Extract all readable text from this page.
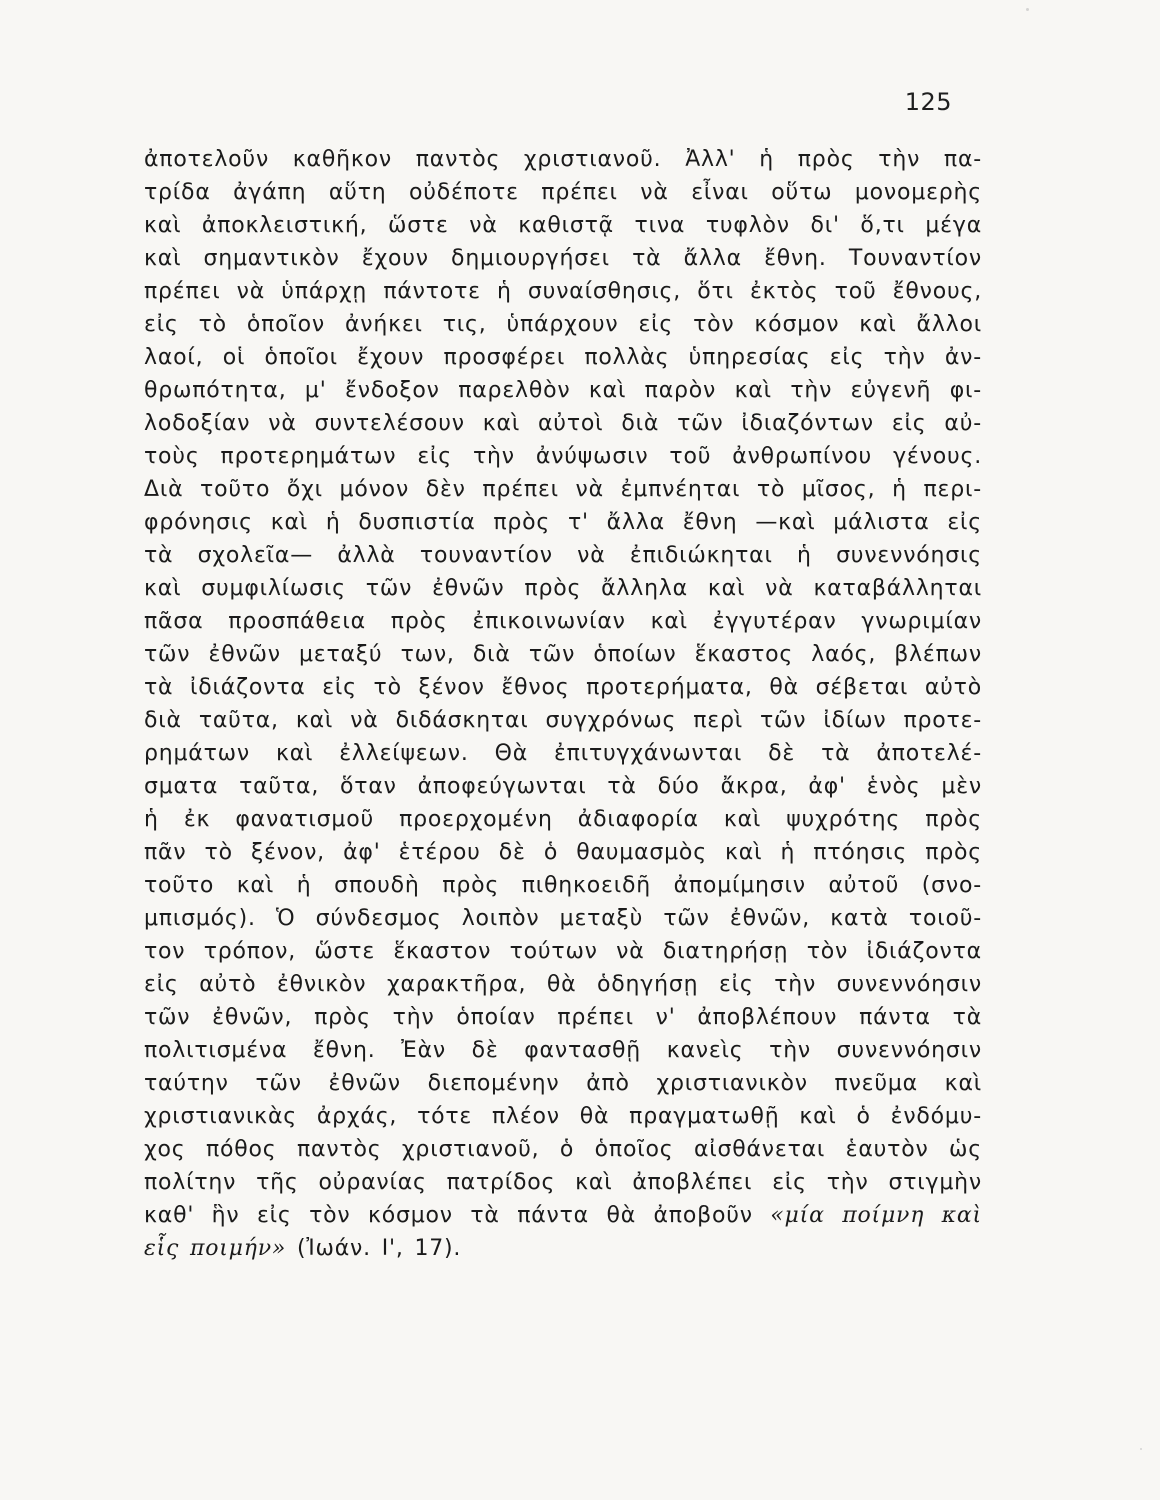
125
ἀποτελοῦν καθῆκον παντὸς χριστιανοῦ. Ἀλλ' ἡ πρὸς τὴν πα-
τρίδα ἀγάπη αὕτη οὐδέποτε πρέπει νὰ εἶναι οὕτω μονομερὴς
καὶ ἀποκλειστική, ὥστε νὰ καθιστᾷ τινα τυφλὸν δι' ὅ,τι μέγα
καὶ σημαντικὸν ἔχουν δημιουργήσει τὰ ἄλλα ἔθνη. Τουναντίον
πρέπει νὰ ὑπάρχῃ πάντοτε ἡ συναίσθησις, ὅτι ἐκτὸς τοῦ ἔθνους,
εἰς τὸ ὁποῖον ἀνήκει τις, ὑπάρχουν εἰς τὸν κόσμον καὶ ἄλλοι
λαοί, οἱ ὁποῖοι ἔχουν προσφέρει πολλὰς ὑπηρεσίας εἰς τὴν ἀν-
θρωπότητα, μ' ἔνδοξον παρελθὸν καὶ παρὸν καὶ τὴν εὐγενῆ φι-
λοδοξίαν νὰ συντελέσουν καὶ αὐτοὶ διὰ τῶν ἰδιαζόντων εἰς αὐ-
τοὺς προτερημάτων εἰς τὴν ἀνύψωσιν τοῦ ἀνθρωπίνου γένους.
Διὰ τοῦτο ὄχι μόνον δὲν πρέπει νὰ ἐμπνέηται τὸ μῖσος, ἡ περι-
φρόνησις καὶ ἡ δυσπιστία πρὸς τ' ἄλλα ἔθνη —καὶ μάλιστα εἰς
τὰ σχολεῖα— ἀλλὰ τουναντίον νὰ ἐπιδιώκηται ἡ συνεννόησις
καὶ συμφιλίωσις τῶν ἐθνῶν πρὸς ἄλληλα καὶ νὰ καταβάλληται
πᾶσα προσπάθεια πρὸς ἐπικοινωνίαν καὶ ἐγγυτέραν γνωριμίαν
τῶν ἐθνῶν μεταξύ των, διὰ τῶν ὁποίων ἕκαστος λαός, βλέπων
τὰ ἰδιάζοντα εἰς τὸ ξένον ἔθνος προτερήματα, θὰ σέβεται αὐτὸ
διὰ ταῦτα, καὶ νὰ διδάσκηται συγχρόνως περὶ τῶν ἰδίων προτε-
ρημάτων καὶ ἐλλείψεων. Θὰ ἐπιτυγχάνωνται δὲ τὰ ἀποτελέ-
σματα ταῦτα, ὅταν ἀποφεύγωνται τὰ δύο ἄκρα, ἀφ' ἑνὸς μὲν
ἡ ἐκ φανατισμοῦ προερχομένη ἀδιαφορία καὶ ψυχρότης πρὸς
πᾶν τὸ ξένον, ἀφ' ἑτέρου δὲ ὁ θαυμασμὸς καὶ ἡ πτόησις πρὸς
τοῦτο καὶ ἡ σπουδὴ πρὸς πιθηκοειδῆ ἀπομίμησιν αὐτοῦ (σνο-
μπισμός). Ὁ σύνδεσμος λοιπὸν μεταξὺ τῶν ἐθνῶν, κατὰ τοιοῦ-
τον τρόπον, ὥστε ἕκαστον τούτων νὰ διατηρήσῃ τὸν ἰδιάζοντα
εἰς αὐτὸ ἐθνικὸν χαρακτῆρα, θὰ ὁδηγήσῃ εἰς τὴν συνεννόησιν
τῶν ἐθνῶν, πρὸς τὴν ὁποίαν πρέπει ν' ἀποβλέπουν πάντα τὰ
πολιτισμένα ἔθνη. Ἐὰν δὲ φαντασθῇ κανεὶς τὴν συνεννόησιν
ταύτην τῶν ἐθνῶν διεπομένην ἀπὸ χριστιανικὸν πνεῦμα καὶ
χριστιανικὰς ἀρχάς, τότε πλέον θὰ πραγματωθῇ καὶ ὁ ἐνδόμυ-
χος πόθος παντὸς χριστιανοῦ, ὁ ὁποῖος αἰσθάνεται ἑαυτὸν ὡς
πολίτην τῆς οὐρανίας πατρίδος καὶ ἀποβλέπει εἰς τὴν στιγμὴν
καθ' ἣν εἰς τὸν κόσμον τὰ πάντα θὰ ἀποβοῦν «μία ποίμνη καὶ
εἷς ποιμήν» (Ἰωάν. Ι', 17).
